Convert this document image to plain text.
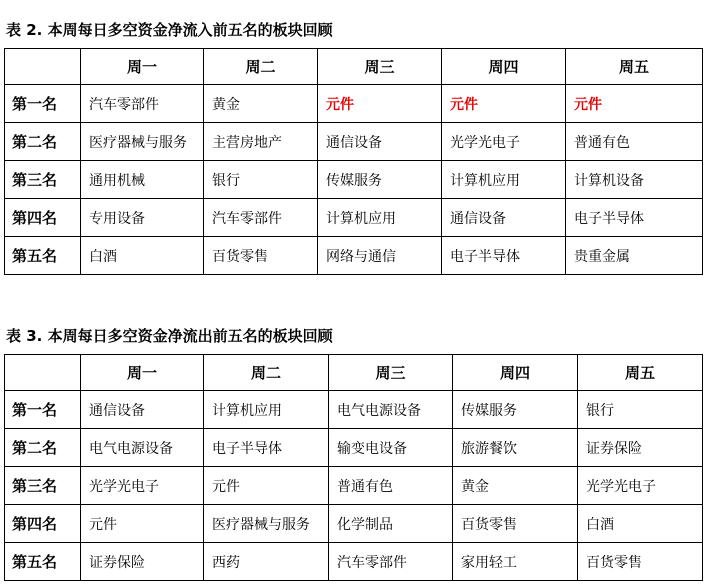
表 2. 本周每日多空资金净流入前五名的板块回顾
	周一	周二	周三	周四	周五
第一名	汽车零部件	黄金	元件	元件	元件
第二名	医疗器械与服务	主营房地产	通信设备	光学光电子	普通有色
第三名	通用机械	银行	传媒服务	计算机应用	计算机设备
第四名	专用设备	汽车零部件	计算机应用	通信设备	电子半导体
第五名	白酒	百货零售	网络与通信	电子半导体	贵重金属
表 3. 本周每日多空资金净流出前五名的板块回顾
	周一	周二	周三	周四	周五
第一名	通信设备	计算机应用	电气电源设备	传媒服务	银行
第二名	电气电源设备	电子半导体	输变电设备	旅游餐饮	证券保险
第三名	光学光电子	元件	普通有色	黄金	光学光电子
第四名	元件	医疗器械与服务	化学制品	百货零售	白酒
第五名	证券保险	西药	汽车零部件	家用轻工	百货零售
